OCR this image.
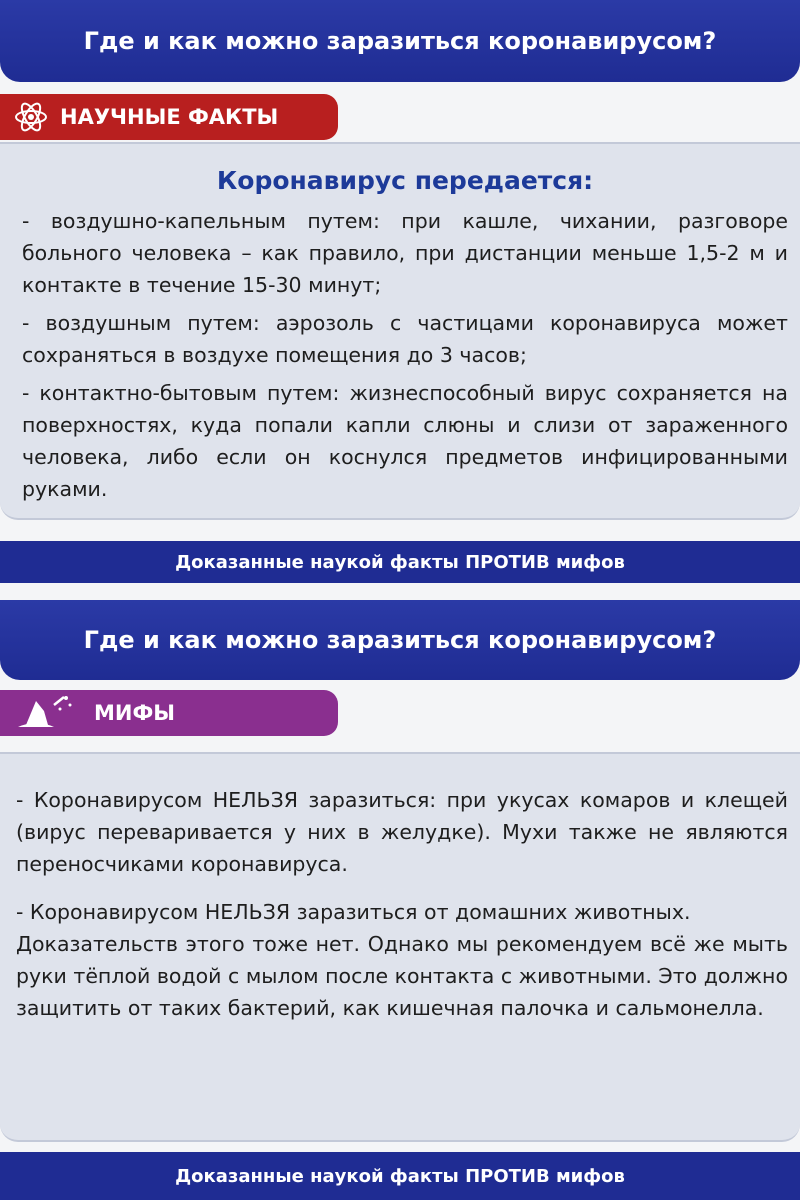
Где и как можно заразиться коронавирусом?
НАУЧНЫЕ ФАКТЫ

Коронавирус передается:

- воздушно-капельным путем: при кашле, чихании, разговоре больного человека – как правило, при дистанции меньше 1,5-2 м и контакте в течение 15-30 минут;

- воздушным путем: аэрозоль с частицами коронавируса может сохраняться в воздухе помещения до 3 часов;

- контактно-бытовым путем: жизнеспособный вирус сохраняется на поверхностях, куда попали капли слюны и слизи от зараженного человека, либо если он коснулся предметов инфицированными руками.

Доказанные наукой факты ПРОТИВ мифов
Где и как можно заразиться коронавирусом?
МИФЫ

- Коронавирусом НЕЛЬЗЯ заразиться: при укусах комаров и клещей (вирус переваривается у них в желудке). Мухи также не являются переносчиками коронавируса.

- Коронавирусом НЕЛЬЗЯ заразиться от домашних животных.

Доказательств этого тоже нет. Однако мы рекомендуем всё же мыть руки тёплой водой с мылом после контакта с животными. Это должно защитить от таких бактерий, как кишечная палочка и сальмонелла.

Доказанные наукой факты ПРОТИВ мифов
